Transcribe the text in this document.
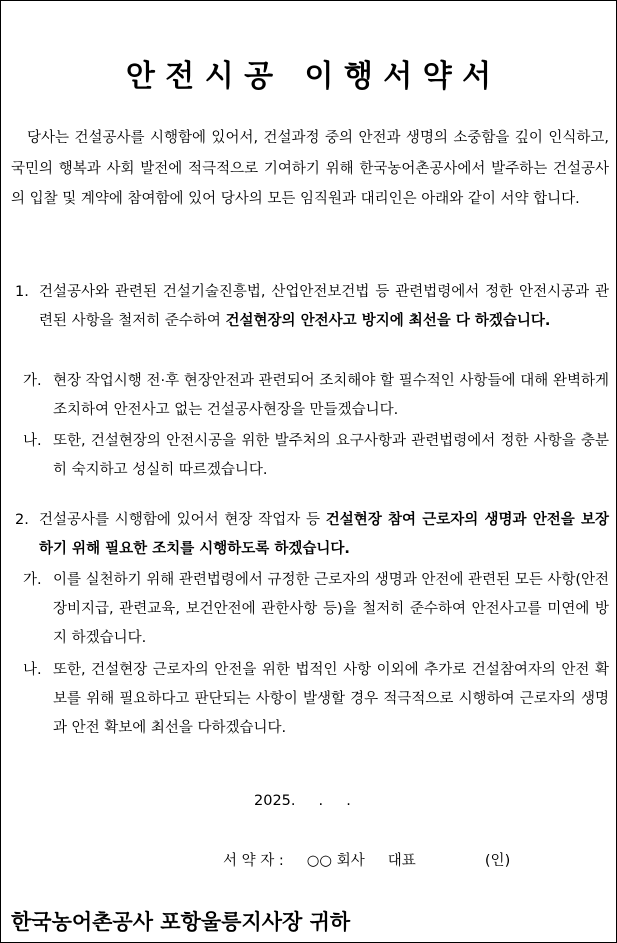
안 전 시 공   이 행 서 약 서

당사는 건설공사를 시행함에 있어서, 건설과정 중의 안전과 생명의 소중함을 깊이 인식하고, 국민의 행복과 사회 발전에 적극적으로 기여하기 위해 한국농어촌공사에서 발주하는 건설공사의 입찰 및 계약에 참여함에 있어 당사의 모든 임직원과 대리인은 아래와 같이 서약 합니다.

1. 건설공사와 관련된 건설기술진흥법, 산업안전보건법 등 관련법령에서 정한 안전시공과 관련된 사항을 철저히 준수하여 건설현장의 안전사고 방지에 최선을 다 하겠습니다.

가. 현장 작업시행 전·후 현장안전과 관련되어 조치해야 할 필수적인 사항들에 대해 완벽하게 조치하여 안전사고 없는 건설공사현장을 만들겠습니다.

나. 또한, 건설현장의 안전시공을 위한 발주처의 요구사항과 관련법령에서 정한 사항을 충분히 숙지하고 성실히 따르겠습니다.

2. 건설공사를 시행함에 있어서 현장 작업자 등 건설현장 참여 근로자의 생명과 안전을 보장하기 위해 필요한 조치를 시행하도록 하겠습니다.

가. 이를 실천하기 위해 관련법령에서 규정한 근로자의 생명과 안전에 관련된 모든 사항(안전장비지급, 관련교육, 보건안전에 관한사항 등)을 철저히 준수하여 안전사고를 미연에 방지 하겠습니다.

나. 또한, 건설현장 근로자의 안전을 위한 법적인 사항 이외에 추가로 건설참여자의 안전 확보를 위해 필요하다고 판단되는 사항이 발생할 경우 적극적으로 시행하여 근로자의 생명과 안전 확보에 최선을 다하겠습니다.

2025.     .     .
서 약 자 :     ○○ 회사     대표               (인)
한국농어촌공사 포항울릉지사장 귀하
